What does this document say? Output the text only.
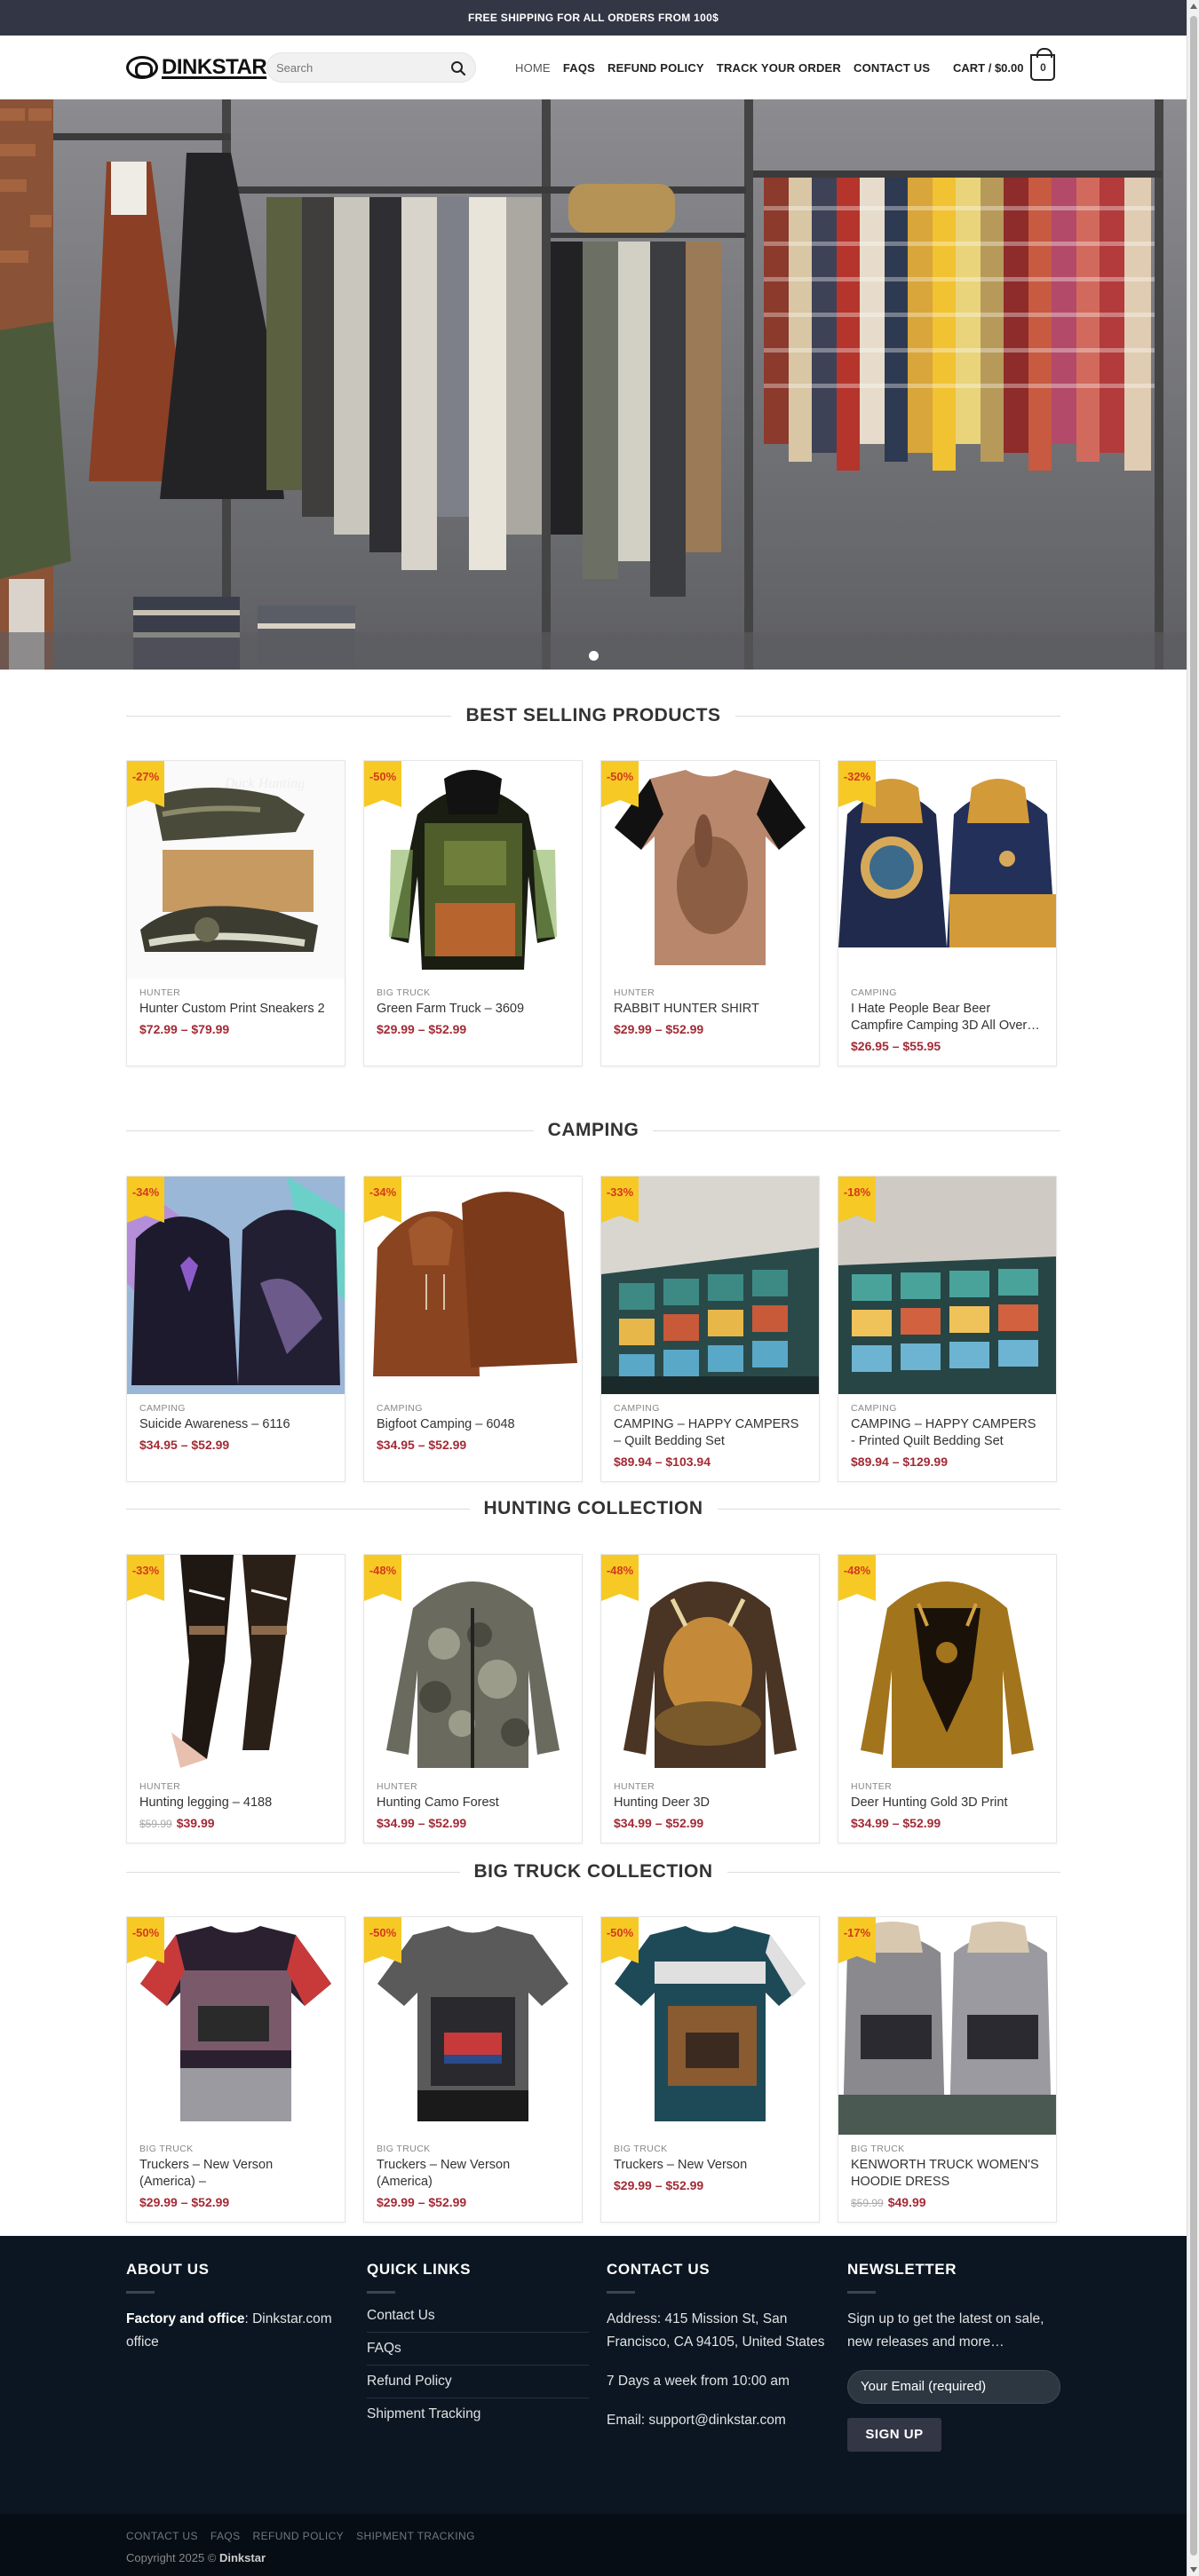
FREE SHIPPING FOR ALL ORDERS FROM 100$
DINKSTAR
Search	HOME FAQS REFUND POLICY TRACK YOUR ORDER CONTACT US CART / $0.00 0
BEST SELLING PRODUCTS
Duck Hunting
-27%
HUNTER
Hunter Custom Print Sneakers 2
$72.99 – $79.99
-50%
BIG TRUCK
Green Farm Truck – 3609
$29.99 – $52.99
-50%
HUNTER
RABBIT HUNTER SHIRT
$29.99 – $52.99
-32%
CAMPING
I Hate People Bear Beer Campfire Camping 3D All Over…
$26.95 – $55.95
CAMPING
-34%
CAMPING
Suicide Awareness – 6116
$34.95 – $52.99
-34%
CAMPING
Bigfoot Camping – 6048
$34.95 – $52.99
-33%
CAMPING
CAMPING – HAPPY CAMPERS – Quilt Bedding Set
$89.94 – $103.94
-18%
CAMPING
CAMPING – HAPPY CAMPERS - Printed Quilt Bedding Set
$89.94 – $129.99
HUNTING COLLECTION
-33%
HUNTER
Hunting legging – 4188
$59.99 $39.99
-48%
HUNTER
Hunting Camo Forest
$34.99 – $52.99
-48%
HUNTER
Hunting Deer 3D
$34.99 – $52.99
-48%
HUNTER
Deer Hunting Gold 3D Print
$34.99 – $52.99
BIG TRUCK COLLECTION
-50%
BIG TRUCK
Truckers – New Verson (America) –
$29.99 – $52.99
-50%
BIG TRUCK
Truckers – New Verson (America)
$29.99 – $52.99
-50%
BIG TRUCK
Truckers – New Verson
$29.99 – $52.99
-17%
BIG TRUCK
KENWORTH TRUCK WOMEN'S HOODIE DRESS
$59.99 $49.99
ABOUT US

Factory and office: Dinkstar.com office

QUICK LINKS
Contact Us
FAQs
Refund Policy
Shipment Tracking
CONTACT US

Address: 415 Mission St, San Francisco, CA 94105, United States

7 Days a week from 10:00 am

Email: support@dinkstar.com

NEWSLETTER

Sign up to get the latest on sale, new releases and more…

Your Email (required)
SIGN UP
CONTACT US FAQS REFUND POLICY SHIPMENT TRACKING
Copyright 2025 © Dinkstar
